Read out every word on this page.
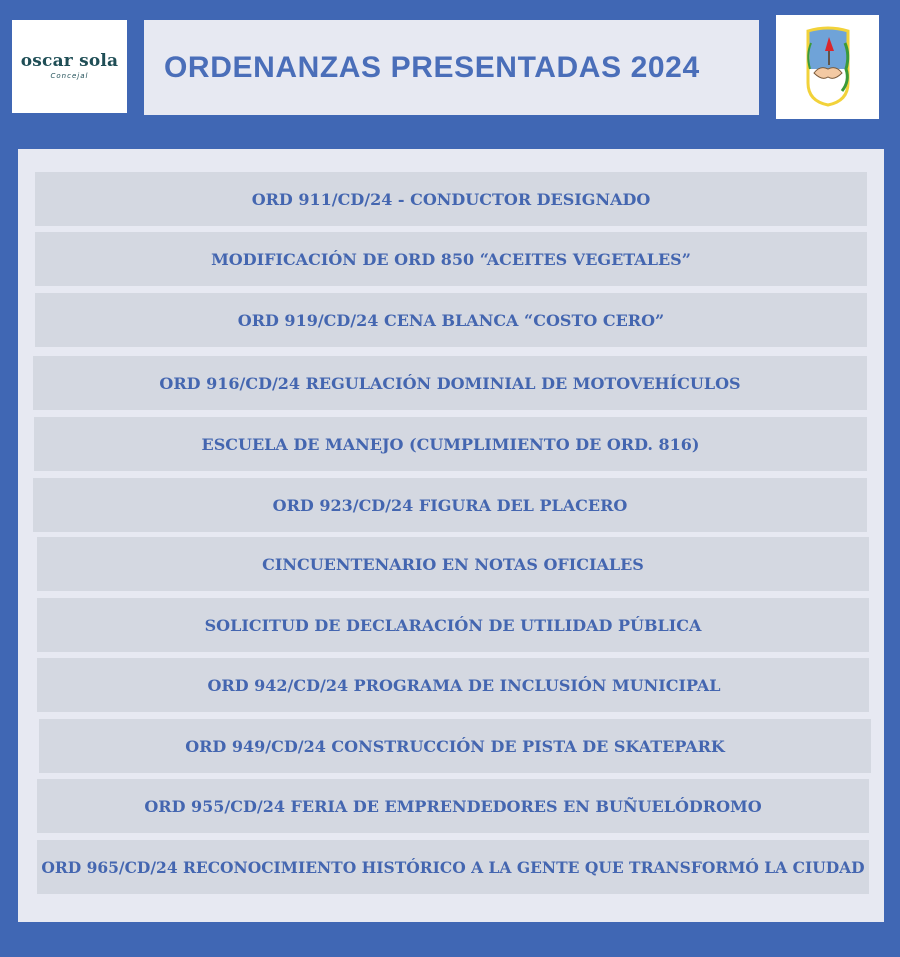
oscar sola
Concejal	ORDENANZAS PRESENTADAS 2024
ORD 911/CD/24 - CONDUCTOR DESIGNADO
MODIFICACIÓN DE ORD 850 “ACEITES VEGETALES”
ORD 919/CD/24 CENA BLANCA “COSTO CERO”
ORD 916/CD/24 REGULACIÓN DOMINIAL DE MOTOVEHÍCULOS
ESCUELA DE MANEJO (CUMPLIMIENTO DE ORD. 816)
ORD 923/CD/24 FIGURA DEL PLACERO
CINCUENTENARIO EN NOTAS OFICIALES
SOLICITUD DE DECLARACIÓN DE UTILIDAD PÚBLICA
ORD 942/CD/24 PROGRAMA DE INCLUSIÓN MUNICIPAL
ORD 949/CD/24 CONSTRUCCIÓN DE PISTA DE SKATEPARK
ORD 955/CD/24 FERIA DE EMPRENDEDORES EN BUÑUELÓDROMO
ORD 965/CD/24 RECONOCIMIENTO HISTÓRICO A LA GENTE QUE TRANSFORMÓ LA CIUDAD
